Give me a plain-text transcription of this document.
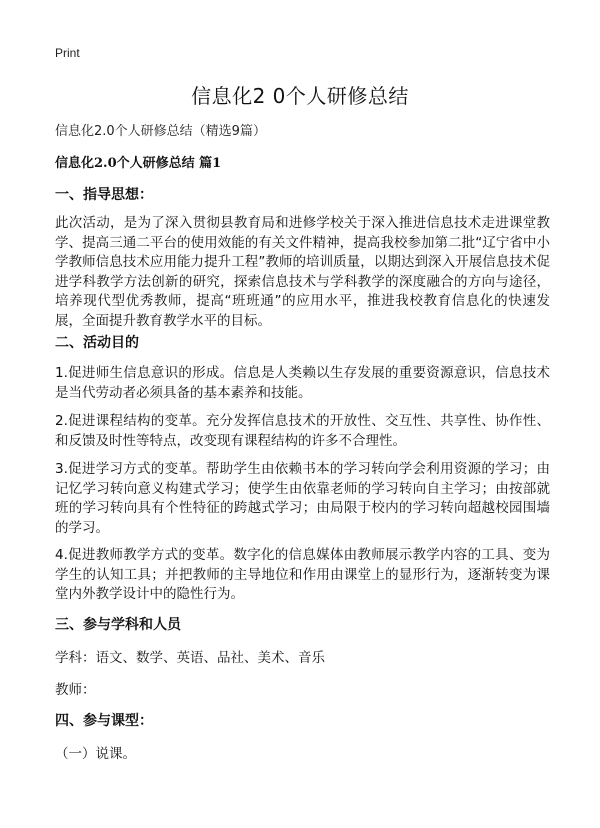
Print
信息化2 0个人研修总结
信息化2.0个人研修总结（精选9篇）
信息化2.0个人研修总结 篇1
一、指导思想：
此次活动，是为了深入贯彻县教育局和进修学校关于深入推进信息技术走进课堂教学、提高三通二平台的使用效能的有关文件精神，提高我校参加第二批“辽宁省中小学教师信息技术应用能力提升工程”教师的培训质量，以期达到深入开展信息技术促进学科教学方法创新的研究，探索信息技术与学科教学的深度融合的方向与途径，培养现代型优秀教师，提高“班班通”的应用水平，推进我校教育信息化的快速发展，全面提升教育教学水平的目标。
二、活动目的
1.促进师生信息意识的形成。信息是人类赖以生存发展的重要资源意识，信息技术是当代劳动者必须具备的基本素养和技能。
2.促进课程结构的变革。充分发挥信息技术的开放性、交互性、共享性、协作性、和反馈及时性等特点，改变现有课程结构的许多不合理性。
3.促进学习方式的变革。帮助学生由依赖书本的学习转向学会利用资源的学习；由记忆学习转向意义构建式学习；使学生由依靠老师的学习转向自主学习；由按部就班的学习转向具有个性特征的跨越式学习；由局限于校内的学习转向超越校园围墙的学习。
4.促进教师教学方式的变革。数字化的信息媒体由教师展示教学内容的工具、变为学生的认知工具；并把教师的主导地位和作用由课堂上的显形行为，逐渐转变为课堂内外教学设计中的隐性行为。
三、参与学科和人员
学科：语文、数学、英语、品社、美术、音乐
教师：
四、参与课型：
（一）说课。
